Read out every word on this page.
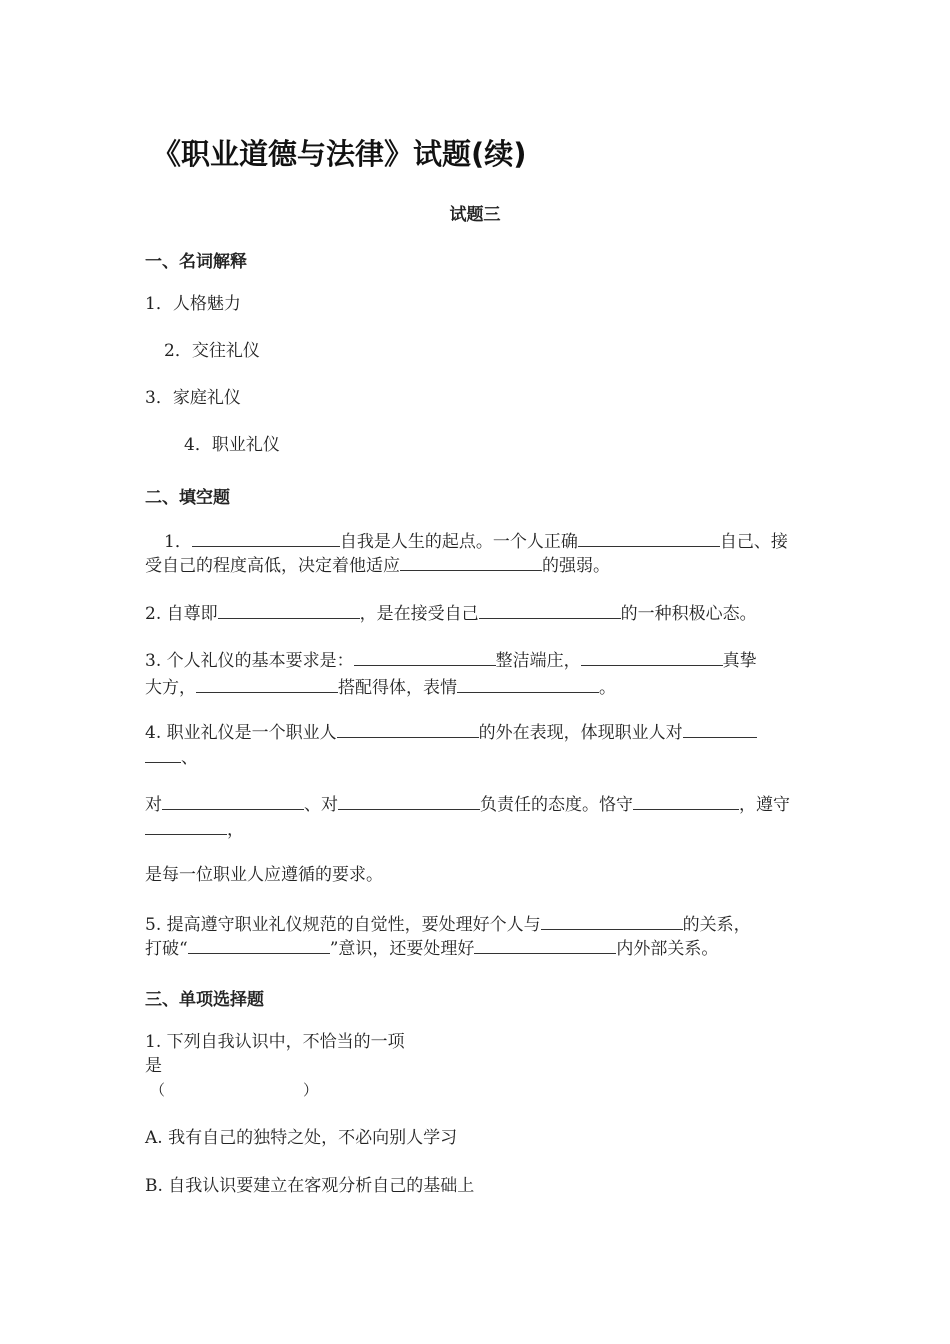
《职业道德与法律》试题(续)
试题三
一、名词解释
1．人格魅力
2．交往礼仪
3．家庭礼仪
4．职业礼仪
二、填空题
1．	自我是人生的起点。一个人正确	自己、接
受自己的程度高低，决定着他适应	的强弱。
2. 自尊即	，是在接受自己	的一种积极心态。
3. 个人礼仪的基本要求是：	整洁端庄，	真挚
大方，	搭配得体，表情	。
4. 职业礼仪是一个职业人	的外在表现，体现职业人对
、
对	、对	负责任的态度。恪守	，遵守
，
是每一位职业人应遵循的要求。
5. 提高遵守职业礼仪规范的自觉性，要处理好个人与	的关系，
打破“	”意识，还要处理好	内外部关系。
三、单项选择题
1. 下列自我认识中，不恰当的一项
是
（	）
A. 我有自己的独特之处，不必向别人学习
B. 自我认识要建立在客观分析自己的基础上
